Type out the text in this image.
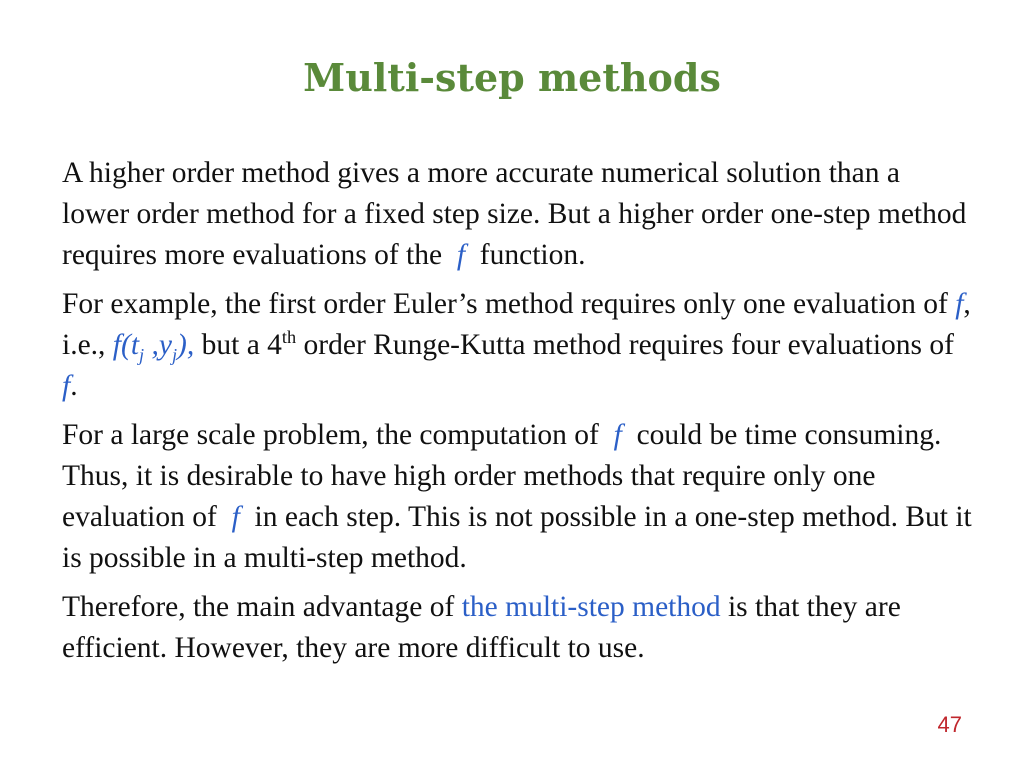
Multi-step methods

A higher order method gives a more accurate numerical solution than a lower order method for a fixed step size. But a higher order one-step method requires more evaluations of the f function.

For example, the first order Euler’s method requires only one evaluation of f, i.e., $f(t_j$ $,y_j$), but a 4th order Runge-Kutta method requires four evaluations of  f.

For a large scale problem, the computation of f could be time consuming. Thus, it is desirable to have high order methods that require only one evaluation of f in each step. This is not possible in a one-step method. But it is possible in a multi-step method.

Therefore, the main advantage of the multi-step method is that they are efficient. However, they are more difficult to use.

47
